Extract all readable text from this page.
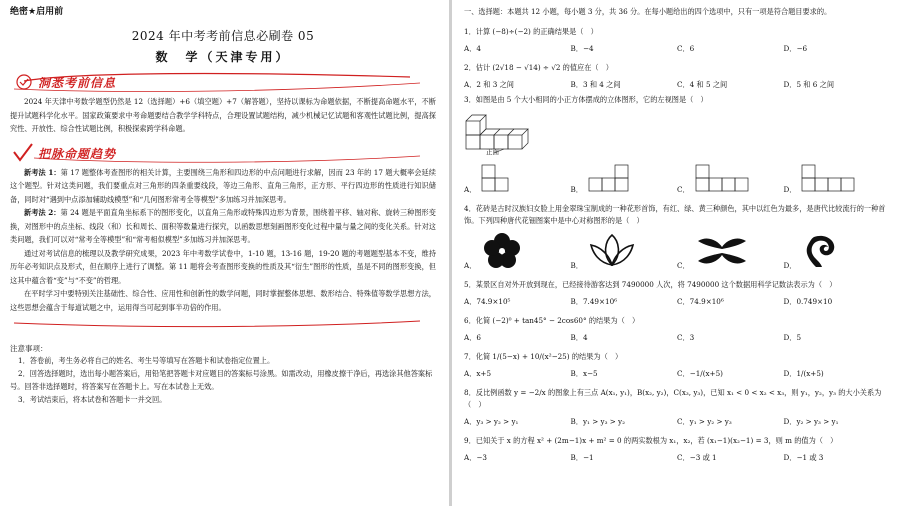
绝密★启用前
2024 年中考考前信息必刷卷 05
数　学（天津专用）
洞悉考前信息

2024 年天津中考数学题型仍然是 12（选择题）+6（填空题）+7（解答题），坚持以课标为命题依据，不断提高命题水平，不断提升试题科学化水平。国家政策要求中考命题要结合教学学科特点，合理设置试题结构，减少机械记忆试题和客观性试题比例，提高探究性、开放性、综合性试题比例，积极探索跨学科命题。

把脉命题趋势

新考法 1：第 17 题整体考查图形的相关计算，主要围绕三角形和四边形的中点问题进行求解，因而 23 年的 17 题大概率会延续这个题型。针对这类问题，我们要重点对三角形的四条重要线段，等边三角形、直角三角形，正方形、平行四边形的性质进行知识储备，同时对“遇到中点添加辅助线模型”和“几何图形常考全等模型”多加练习并加深思考。

新考法 2：第 24 题是平面直角坐标系下的图形变化，以直角三角形或特殊四边形为背景，围绕着平移、轴对称、旋转三种图形变换，对图形中的点坐标、线段（和）长和周长、面积等数量进行探究，以函数思想刻画图形变化过程中量与量之间的变化关系。针对这类问题，我们可以对“常考全等模型”和“常考相似模型”多加练习并加深思考。

通过对考试信息的梳理以及教学研究成果，2023 年中考数学试卷中，1-10 题，13-16 题，19-20 题的考题题型基本不变，维持历年必考知识点及形式，但在顺序上进行了调整。第 11 题将会考查图形变换的性质及其“衍生”图形的性质，虽是不同的图形变换，但这其中蕴含着“变”与“不变”的哲理。

在平时学习中要特别关注基础性、综合性、应用性和创新性的数学问题，同时掌握整体思想、数形结合、特殊值等数学思想方法，这些思想会蕴含于每道试题之中，运用得当可起到事半功倍的作用。

注意事项：

1．答卷前，考生务必将自己的姓名、考生号等填写在答题卡和试卷指定位置上。

2．回答选择题时，选出每小题答案后，用铅笔把答题卡对应题目的答案标号涂黑。如需改动，用橡皮擦干净后，再选涂其他答案标号。回答非选择题时，将答案写在答题卡上。写在本试卷上无效。

3．考试结束后，将本试卷和答题卡一并交回。

一、选择题：本题共 12 小题，每小题 3 分，共 36 分。在每小题给出的四个选项中，只有一项是符合题目要求的。

1．计算 (−8)÷(−2) 的正确结果是（　）

A．4	B．−4	C．6	D．−6

2．估计 (2√18 − √14) ÷ √2 的值应在（　）

A．2 和 3 之间	B．3 和 4 之间	C．4 和 5 之间	D．5 和 6 之间

3．如图是由 5 个大小相同的小正方体摆成的立体图形，它的左视图是（　）

正面
A．	B．	C．	D．

4．花砖是古时汉族妇女脸上用金翠珠宝制成的一种花形首饰，有红、绿、黄三种颜色，其中以红色为最多，是唐代比较流行的一种首饰。下列四种唐代花钿图案中是中心对称图形的是（　）

A．	B．	C．	D．

5．某景区自对外开放到现在，已经接待游客达到 7490000 人次，将 7490000 这个数据用科学记数法表示为（　）

A．74.9×10⁵	B．7.49×10⁶	C．74.9×10⁶	D．0.749×10

6．化简 (−2)⁰ + tan45° − 2cos60° 的结果为（　）

A．6	B．4	C．3	D．5

7．化简 1/(5−x) + 10/(x²−25) 的结果为（　）

A．x+5	B．x−5	C．−1/(x+5)	D．1/(x+5)

8．反比例函数 y = −2/x 的图象上有三点 A(x₁, y₁)，B(x₂, y₂)，C(x₃, y₃)，已知 x₁ < 0 < x₂ < x₃，则 y₁，y₂，y₃ 的大小关系为（　）

A．y₃ > y₂ > y₁	B．y₁ > y₃ > y₂	C．y₁ > y₂ > y₃	D．y₂ > y₃ > y₁

9．已知关于 x 的方程 x² + (2m−1)x + m² = 0 的两实数根为 x₁，x₂，若 (x₁−1)(x₂−1) = 3，则 m 的值为（　）

A．−3	B．−1	C．−3 或 1	D．−1 或 3
